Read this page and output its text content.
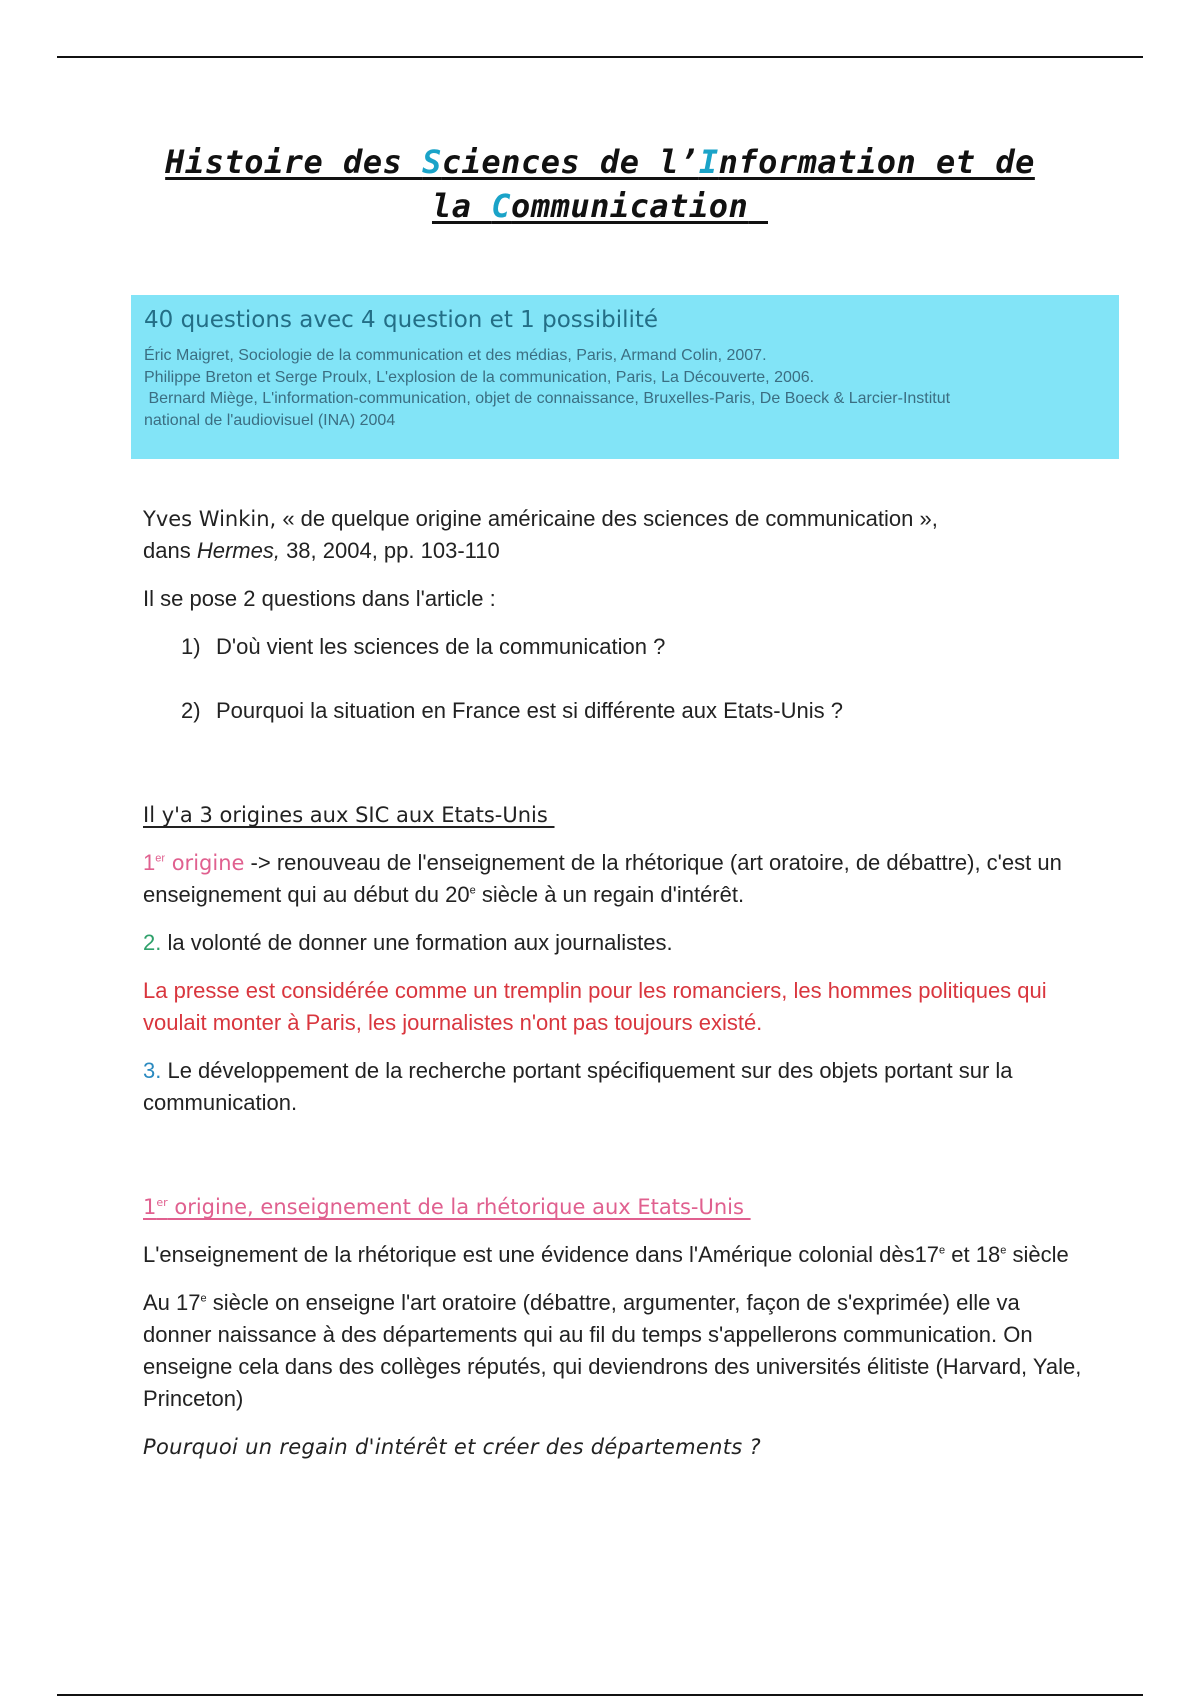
Histoire des Sciences de l’Information et de
la Communication
40 questions avec 4 question et 1 possibilité
Éric Maigret, Sociologie de la communication et des médias, Paris, Armand Colin, 2007.
Philippe Breton et Serge Proulx, L'explosion de la communication, Paris, La Découverte, 2006.
Bernard Miège, L'information-communication, objet de connaissance, Bruxelles-Paris, De Boeck & Larcier-Institut
national de l'audiovisuel (INA) 2004

Yves Winkin, « de quelque origine américaine des sciences de communication »,
dans Hermes, 38, 2004, pp. 103-110

Il se pose 2 questions dans l'article :

1) D'où vient les sciences de la communication ?
2) Pourquoi la situation en France est si différente aux Etats-Unis ?

Il y'a 3 origines aux SIC aux Etats-Unis

1er origine -> renouveau de l'enseignement de la rhétorique (art oratoire, de débattre), c'est un enseignement qui au début du 20e siècle à un regain d'intérêt.

2. la volonté de donner une formation aux journalistes.

La presse est considérée comme un tremplin pour les romanciers, les hommes politiques qui voulait monter à Paris, les journalistes n'ont pas toujours existé.

3. Le développement de la recherche portant spécifiquement sur des objets portant sur la communication.

1er origine, enseignement de la rhétorique aux Etats-Unis

L'enseignement de la rhétorique est une évidence dans l'Amérique colonial dès17e et 18e siècle

Au 17e siècle on enseigne l'art oratoire (débattre, argumenter, façon de s'exprimée) elle va donner naissance à des départements qui au fil du temps s'appellerons communication. On enseigne cela dans des collèges réputés, qui deviendrons des universités élitiste (Harvard, Yale, Princeton)

Pourquoi un regain d'intérêt et créer des départements ?
